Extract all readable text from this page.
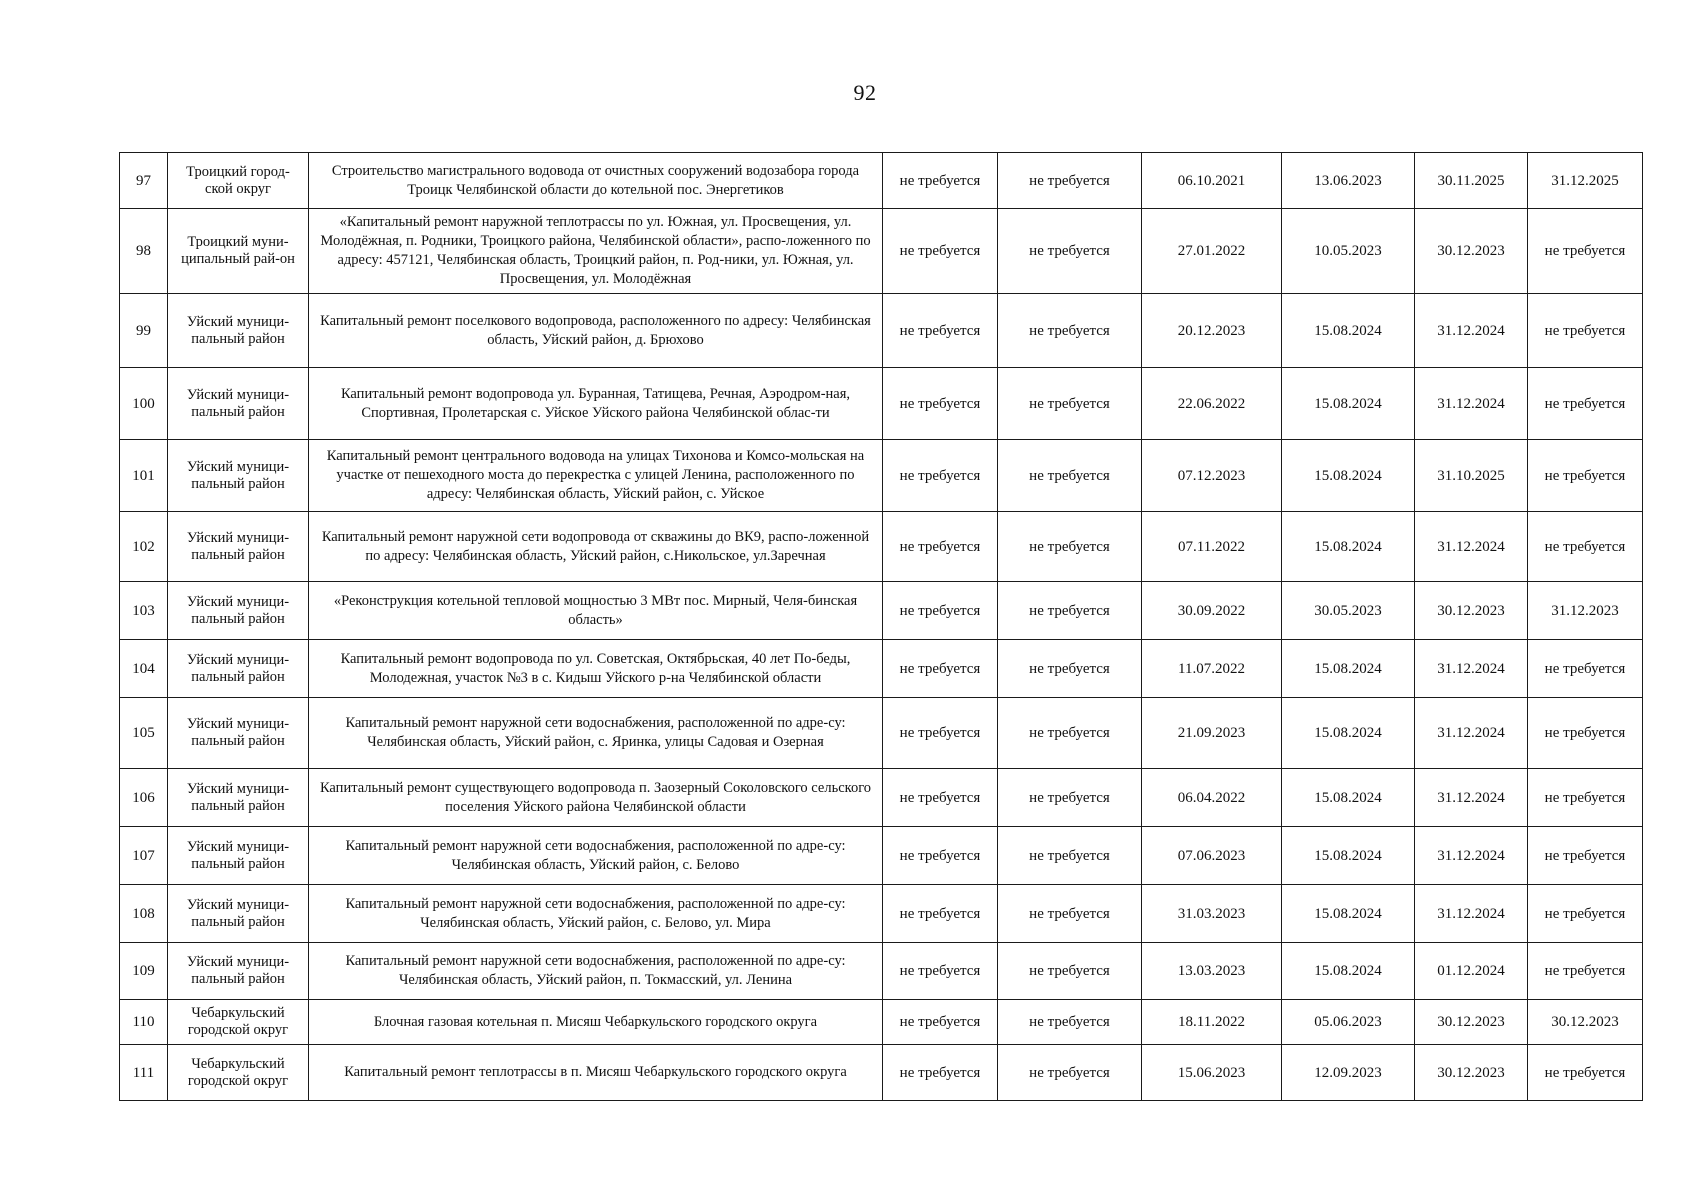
92
97	Троицкий город-ской округ	Строительство магистрального водовода от очистных сооружений водозабора города Троицк Челябинской области до котельной пос. Энергетиков	не требуется	не требуется	06.10.2021	13.06.2023	30.11.2025	31.12.2025
98	Троицкий муни-ципальный рай-он	«Капитальный ремонт наружной теплотрассы по ул. Южная, ул. Просвещения, ул. Молодёжная, п. Родники, Троицкого района, Челябинской области», распо-ложенного по адресу: 457121, Челябинская область, Троицкий район, п. Род-ники, ул. Южная, ул. Просвещения, ул. Молодёжная	не требуется	не требуется	27.01.2022	10.05.2023	30.12.2023	не требуется
99	Уйский муници-пальный район	Капитальный ремонт поселкового водопровода, расположенного по адресу: Челябинская область, Уйский район, д. Брюхово	не требуется	не требуется	20.12.2023	15.08.2024	31.12.2024	не требуется
100	Уйский муници-пальный район	Капитальный ремонт водопровода ул. Буранная, Татищева, Речная, Аэродром-ная, Спортивная, Пролетарская с. Уйское Уйского района Челябинской облас-ти	не требуется	не требуется	22.06.2022	15.08.2024	31.12.2024	не требуется
101	Уйский муници-пальный район	Капитальный ремонт центрального водовода на улицах Тихонова и Комсо-мольская на участке от пешеходного моста до перекрестка с улицей Ленина, расположенного по адресу: Челябинская область, Уйский район, с. Уйское	не требуется	не требуется	07.12.2023	15.08.2024	31.10.2025	не требуется
102	Уйский муници-пальный район	Капитальный ремонт наружной сети водопровода от скважины до ВК9, распо-ложенной по адресу: Челябинская область, Уйский район, с.Никольское, ул.Заречная	не требуется	не требуется	07.11.2022	15.08.2024	31.12.2024	не требуется
103	Уйский муници-пальный район	«Реконструкция котельной тепловой мощностью 3 МВт пос. Мирный, Челя-бинская область»	не требуется	не требуется	30.09.2022	30.05.2023	30.12.2023	31.12.2023
104	Уйский муници-пальный район	Капитальный ремонт водопровода по ул. Советская, Октябрьская, 40 лет По-беды, Молодежная, участок №3 в с. Кидыш Уйского р-на Челябинской области	не требуется	не требуется	11.07.2022	15.08.2024	31.12.2024	не требуется
105	Уйский муници-пальный район	Капитальный ремонт наружной сети водоснабжения, расположенной по адре-су: Челябинская область, Уйский район, с. Яринка, улицы Садовая и Озерная	не требуется	не требуется	21.09.2023	15.08.2024	31.12.2024	не требуется
106	Уйский муници-пальный район	Капитальный ремонт существующего водопровода п. Заозерный Соколовского сельского поселения Уйского района Челябинской области	не требуется	не требуется	06.04.2022	15.08.2024	31.12.2024	не требуется
107	Уйский муници-пальный район	Капитальный ремонт наружной сети водоснабжения, расположенной по адре-су: Челябинская область, Уйский район, с. Белово	не требуется	не требуется	07.06.2023	15.08.2024	31.12.2024	не требуется
108	Уйский муници-пальный район	Капитальный ремонт наружной сети водоснабжения, расположенной по адре-су: Челябинская область, Уйский район, с. Белово, ул. Мира	не требуется	не требуется	31.03.2023	15.08.2024	31.12.2024	не требуется
109	Уйский муници-пальный район	Капитальный ремонт наружной сети водоснабжения, расположенной по адре-су: Челябинская область, Уйский район, п. Токмасский, ул. Ленина	не требуется	не требуется	13.03.2023	15.08.2024	01.12.2024	не требуется
110	Чебаркульский городской округ	Блочная газовая котельная п. Мисяш Чебаркульского городского округа	не требуется	не требуется	18.11.2022	05.06.2023	30.12.2023	30.12.2023
111	Чебаркульский городской округ	Капитальный ремонт теплотрассы в п. Мисяш Чебаркульского городского округа	не требуется	не требуется	15.06.2023	12.09.2023	30.12.2023	не требуется
